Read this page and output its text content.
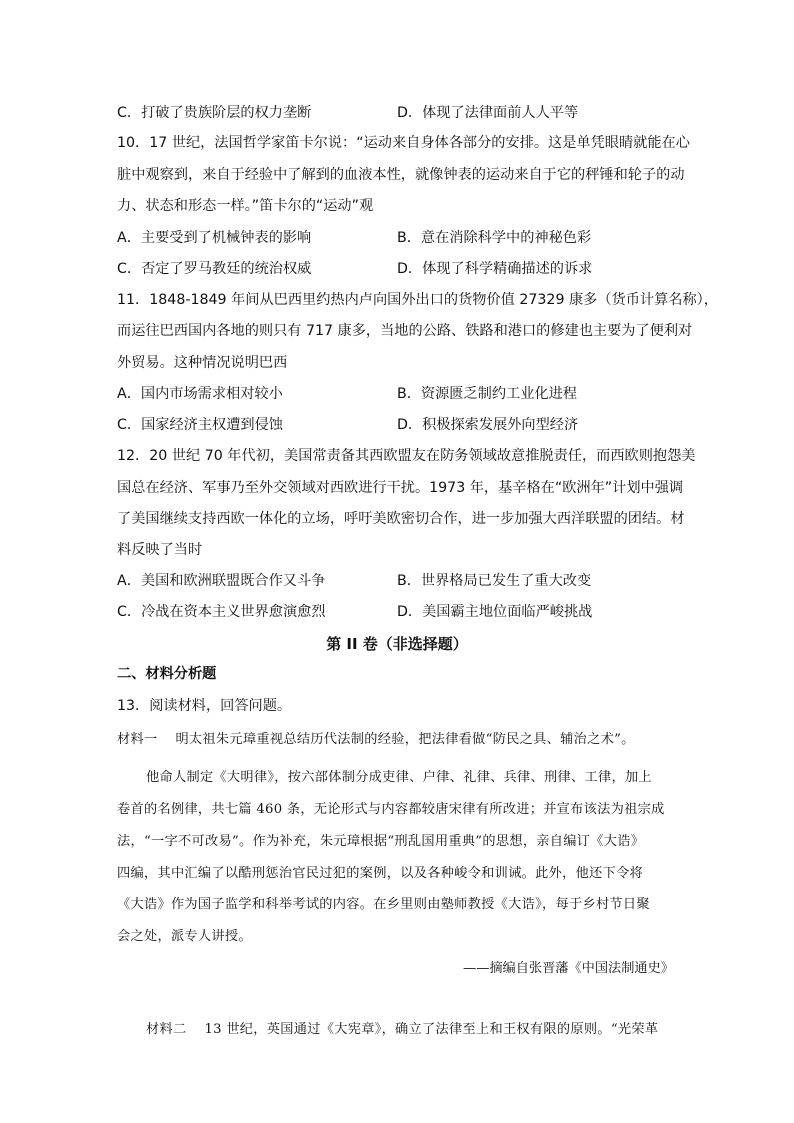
C．打破了贵族阶层的权力垄断	D．体现了法律面前人人平等
10．17 世纪，法国哲学家笛卡尔说：“运动来自身体各部分的安排。这是单凭眼睛就能在心
脏中观察到，来自于经验中了解到的血液本性，就像钟表的运动来自于它的秤锤和轮子的动
力、状态和形态一样。”笛卡尔的“运动”观
A．主要受到了机械钟表的影响	B．意在消除科学中的神秘色彩
C．否定了罗马教廷的统治权威	D．体现了科学精确描述的诉求
11．1848-1849 年间从巴西里约热内卢向国外出口的货物价值 27329 康多（货币计算名称），
而运往巴西国内各地的则只有 717 康多，当地的公路、铁路和港口的修建也主要为了便利对
外贸易。这种情况说明巴西
A．国内市场需求相对较小	B．资源匮乏制约工业化进程
C．国家经济主权遭到侵蚀	D．积极探索发展外向型经济
12．20 世纪 70 年代初，美国常责备其西欧盟友在防务领域故意推脱责任，而西欧则抱怨美
国总在经济、军事乃至外交领域对西欧进行干扰。1973 年，基辛格在“欧洲年”计划中强调
了美国继续支持西欧一体化的立场，呼吁美欧密切合作，进一步加强大西洋联盟的团结。材
料反映了当时
A．美国和欧洲联盟既合作又斗争	B．世界格局已发生了重大改变
C．冷战在资本主义世界愈演愈烈	D．美国霸主地位面临严峻挑战
第 II 卷（非选择题）
二、材料分析题
13．阅读材料，回答问题。
材料一　 明太祖朱元璋重视总结历代法制的经验，把法律看做“防民之具、辅治之术”。
他命人制定《大明律》，按六部体制分成吏律、户律、礼律、兵律、刑律、工律，加上
卷首的名例律，共七篇 460 条，无论形式与内容都较唐宋律有所改进；并宣布该法为祖宗成
法，“一字不可改易”。作为补充，朱元璋根据“刑乱国用重典”的思想，亲自编订《大诰》
四编，其中汇编了以酷刑惩治官民过犯的案例，以及各种峻令和训诫。此外，他还下令将
《大诰》作为国子监学和科举考试的内容。在乡里则由塾师教授《大诰》，每于乡村节日聚
会之处，派专人讲授。
——摘编自张晋藩《中国法制通史》
材料二　 13 世纪，英国通过《大宪章》，确立了法律至上和王权有限的原则。“光荣革
